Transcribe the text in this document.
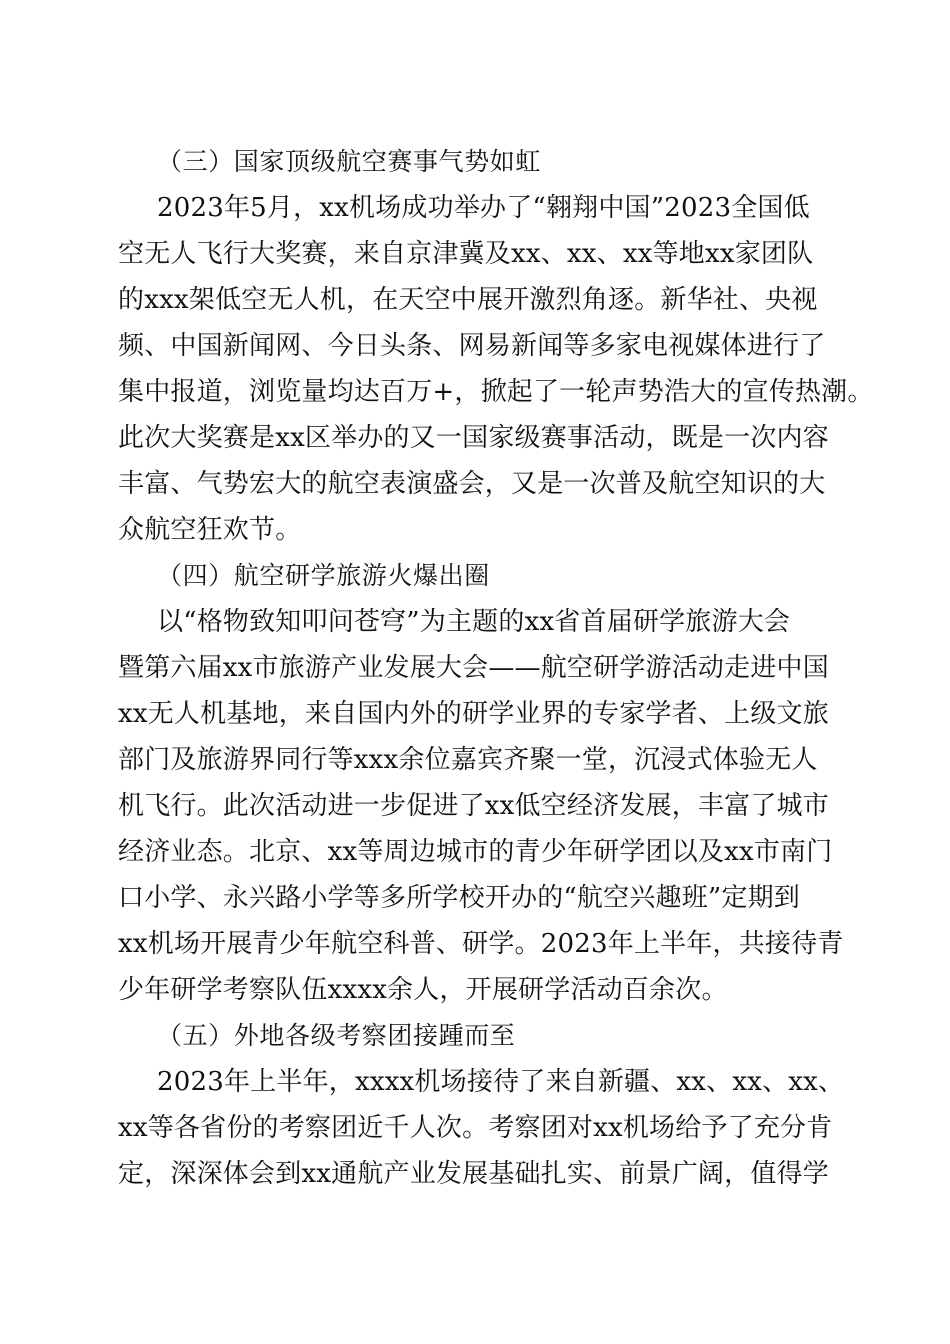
（三）国家顶级航空赛事气势如虹
2023年5月，xx机场成功举办了“翱翔中国”2023全国低
空无人飞行大奖赛，来自京津冀及xx、xx、xx等地xx家团队
的xxx架低空无人机，在天空中展开激烈角逐。新华社、央视
频、中国新闻网、今日头条、网易新闻等多家电视媒体进行了
集中报道，浏览量均达百万+，掀起了一轮声势浩大的宣传热潮。
此次大奖赛是xx区举办的又一国家级赛事活动，既是一次内容
丰富、气势宏大的航空表演盛会，又是一次普及航空知识的大
众航空狂欢节。
（四）航空研学旅游火爆出圈
以“格物致知叩问苍穹”为主题的xx省首届研学旅游大会
暨第六届xx市旅游产业发展大会——航空研学游活动走进中国
xx无人机基地，来自国内外的研学业界的专家学者、上级文旅
部门及旅游界同行等xxx余位嘉宾齐聚一堂，沉浸式体验无人
机飞行。此次活动进一步促进了xx低空经济发展，丰富了城市
经济业态。北京、xx等周边城市的青少年研学团以及xx市南门
口小学、永兴路小学等多所学校开办的“航空兴趣班”定期到
xx机场开展青少年航空科普、研学。2023年上半年，共接待青
少年研学考察队伍xxxx余人，开展研学活动百余次。
（五）外地各级考察团接踵而至
2023年上半年，xxxx机场接待了来自新疆、xx、xx、xx、
xx等各省份的考察团近千人次。考察团对xx机场给予了充分肯
定，深深体会到xx通航产业发展基础扎实、前景广阔，值得学
